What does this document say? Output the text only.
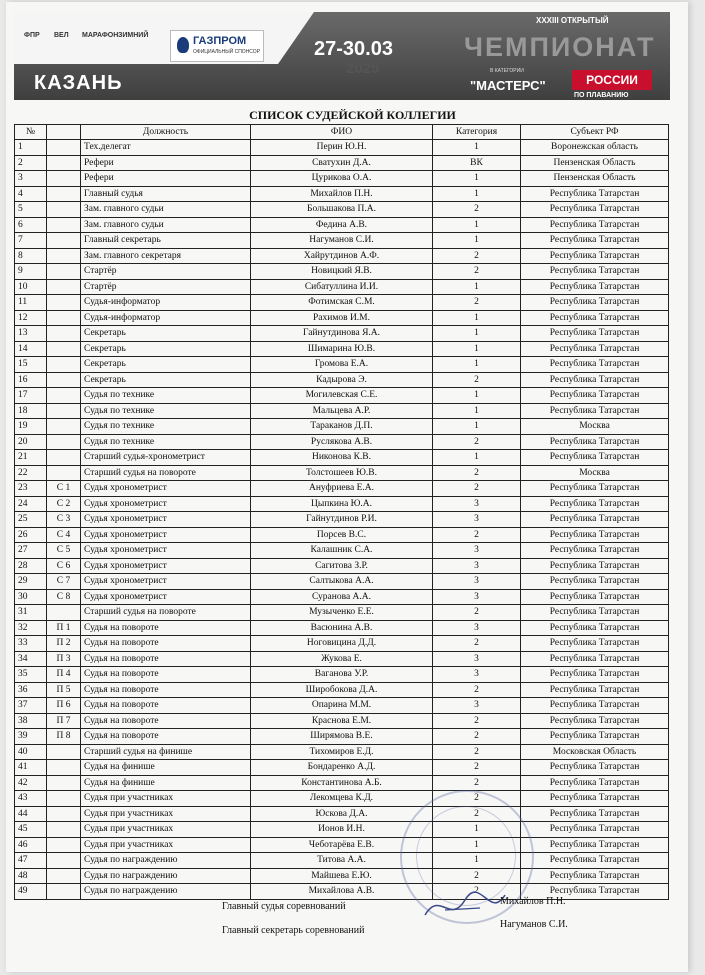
ФПР ВЕЛ МАРАФОН ЗИМНИЙ	ГАЗПРОМ
ОФИЦИАЛЬНЫЙ СПОНСОР
КАЗАНЬ
27-30.03
2025
XXXIII ОТКРЫТЫЙ
ЧЕМПИОНАТ
В КАТЕГОРИИ
"МАСТЕРС"	РОССИИ
ПО ПЛАВАНИЮ
СПИСОК СУДЕЙСКОЙ КОЛЛЕГИИ
№		Должность	ФИО	Категория	Субъект РФ
1		Тех.делегат	Перин Ю.Н.	1	Воронежская область
2		Рефери	Сватухин Д.А.	ВК	Пензенская Область
3		Рефери	Цурикова О.А.	1	Пензенская Область
4		Главный судья	Михайлов П.Н.	1	Республика Татарстан
5		Зам. главного судьи	Большакова П.А.	2	Республика Татарстан
6		Зам. главного судьи	Федина А.В.	1	Республика Татарстан
7		Главный секретарь	Нагуманов С.И.	1	Республика Татарстан
8		Зам. главного секретаря	Хайрутдинов А.Ф.	2	Республика Татарстан
9		Стартёр	Новицкий Я.В.	2	Республика Татарстан
10		Стартёр	Сибатуллина И.И.	1	Республика Татарстан
11		Судья-информатор	Фотимская С.М.	2	Республика Татарстан
12		Судья-информатор	Рахимов И.М.	1	Республика Татарстан
13		Секретарь	Гайнутдинова Я.А.	1	Республика Татарстан
14		Секретарь	Шимарина Ю.В.	1	Республика Татарстан
15		Секретарь	Громова Е.А.	1	Республика Татарстан
16		Секретарь	Кадырова Э.	2	Республика Татарстан
17		Судья по технике	Могилевская С.Е.	1	Республика Татарстан
18		Судья по технике	Мальцева А.Р.	1	Республика Татарстан
19		Судья по технике	Тараканов Д.П.	1	Москва
20		Судья по технике	Руслякова А.В.	2	Республика Татарстан
21		Старший судья-хронометрист	Никонова К.В.	1	Республика Татарстан
22		Старший судья на повороте	Толстошеев Ю.В.	2	Москва
23	С 1	Судья хронометрист	Ануфриева Е.А.	2	Республика Татарстан
24	С 2	Судья хронометрист	Цыпкина Ю.А.	3	Республика Татарстан
25	С 3	Судья хронометрист	Гайнутдинов Р.И.	3	Республика Татарстан
26	С 4	Судья хронометрист	Порсев В.С.	2	Республика Татарстан
27	С 5	Судья хронометрист	Калашник С.А.	3	Республика Татарстан
28	С 6	Судья хронометрист	Сагитова З.Р.	3	Республика Татарстан
29	С 7	Судья хронометрист	Салтыкова А.А.	3	Республика Татарстан
30	С 8	Судья хронометрист	Суранова А.А.	3	Республика Татарстан
31		Старший судья на повороте	Музыченко Е.Е.	2	Республика Татарстан
32	П 1	Судья на повороте	Васюнина А.В.	3	Республика Татарстан
33	П 2	Судья на повороте	Ноговицина Д.Д.	2	Республика Татарстан
34	П 3	Судья на повороте	Жукова Е.	3	Республика Татарстан
35	П 4	Судья на повороте	Ваганова У.Р.	3	Республика Татарстан
36	П 5	Судья на повороте	Широбокова Д.А.	2	Республика Татарстан
37	П 6	Судья на повороте	Опарина М.М.	3	Республика Татарстан
38	П 7	Судья на повороте	Краснова Е.М.	2	Республика Татарстан
39	П 8	Судья на повороте	Ширямова В.Е.	2	Республика Татарстан
40		Старший судья на финише	Тихомиров Е.Д.	2	Московская Область
41		Судья на финише	Бондаренко А.Д.	2	Республика Татарстан
42		Судья на финише	Константинова А.Б.	2	Республика Татарстан
43		Судья при участниках	Лекомцева К.Д.	2	Республика Татарстан
44		Судья при участниках	Юскова Д.А.	2	Республика Татарстан
45		Судья при участниках	Ионов И.Н.	1	Республика Татарстан
46		Судья при участниках	Чеботарёва Е.В.	1	Республика Татарстан
47		Судья по награждению	Титова А.А.	1	Республика Татарстан
48		Судья по награждению	Майшева Е.Ю.	2	Республика Татарстан
49		Судья по награждению	Михайлова А.В.	2	Республика Татарстан
Главный судья соревнований	Михайлов П.Н.
Главный секретарь соревнований
Нагуманов С.И.
